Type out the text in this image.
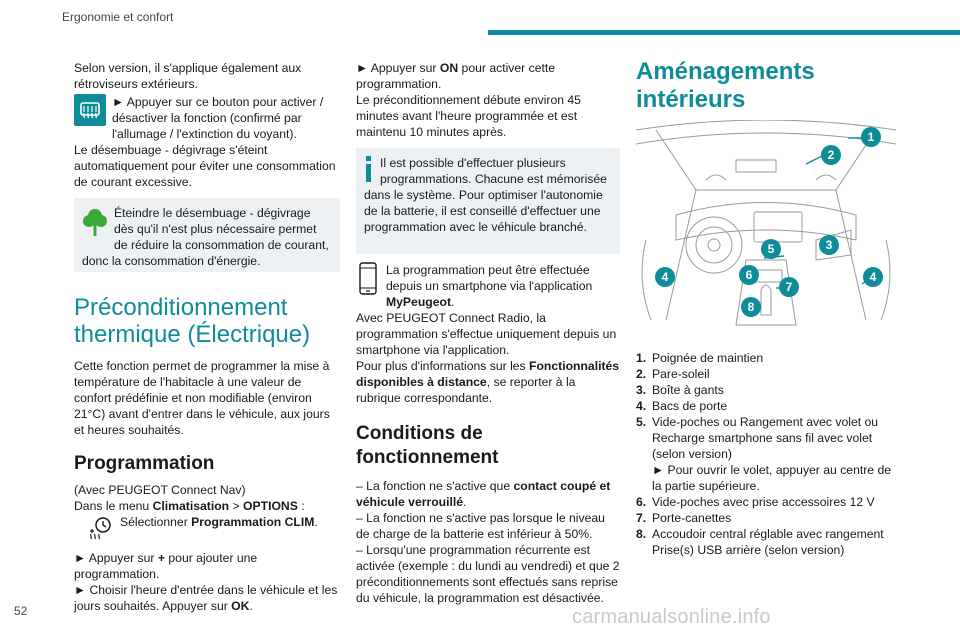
Ergonomie et confort
52	carmanualsonline.info

Selon version, il s'applique également aux rétroviseurs extérieurs.

► Appuyer sur ce bouton pour activer / désactiver la fonction (confirmé par l'allumage / l'extinction du voyant).

Le désembuage - dégivrage s'éteint automatiquement pour éviter une consommation de courant excessive.

Éteindre le désembuage - dégivrage dès qu'il n'est plus nécessaire permet de réduire la consommation de courant, donc la consommation d'énergie.

Préconditionnement thermique (Électrique)

Cette fonction permet de programmer la mise à température de l'habitacle à une valeur de confort prédéfinie et non modifiable (environ 21°C) avant d'entrer dans le véhicule, aux jours et heures souhaités.

Programmation

(Avec PEUGEOT Connect Nav)

Dans le menu Climatisation > OPTIONS :

Sélectionner Programmation CLIM.

► Appuyer sur + pour ajouter une programmation.

► Choisir l'heure d'entrée dans le véhicule et les jours souhaités. Appuyer sur OK.

► Appuyer sur ON pour activer cette programmation.

Le préconditionnement débute environ 45 minutes avant l'heure programmée et est maintenu 10 minutes après.

Il est possible d'effectuer plusieurs programmations. Chacune est mémorisée dans le système. Pour optimiser l'autonomie de la batterie, il est conseillé d'effectuer une programmation avec le véhicule branché.

La programmation peut être effectuée depuis un smartphone via l'application MyPeugeot.

Avec PEUGEOT Connect Radio, la programmation s'effectue uniquement depuis un smartphone via l'application.

Pour plus d'informations sur les Fonctionnalités disponibles à distance, se reporter à la rubrique correspondante.

Conditions de fonctionnement

– La fonction ne s'active que contact coupé et véhicule verrouillé.

– La fonction ne s'active pas lorsque le niveau de charge de la batterie est inférieur à 50%.

– Lorsqu'une programmation récurrente est activée (exemple : du lundi au vendredi) et que 2 préconditionnements sont effectués sans reprise du véhicule, la programmation est désactivée.

Aménagements intérieurs
1
2
3
4
5
6
7
8
4
1. Poignée de maintien
2. Pare-soleil
3. Boîte à gants
4. Bacs de porte
5. Vide-poches ou Rangement avec volet ou Recharge smartphone sans fil avec volet (selon version)
► Pour ouvrir le volet, appuyer au centre de la partie supérieure.
6. Vide-poches avec prise accessoires 12 V
7. Porte-canettes
8. Accoudoir central réglable avec rangement Prise(s) USB arrière (selon version)
